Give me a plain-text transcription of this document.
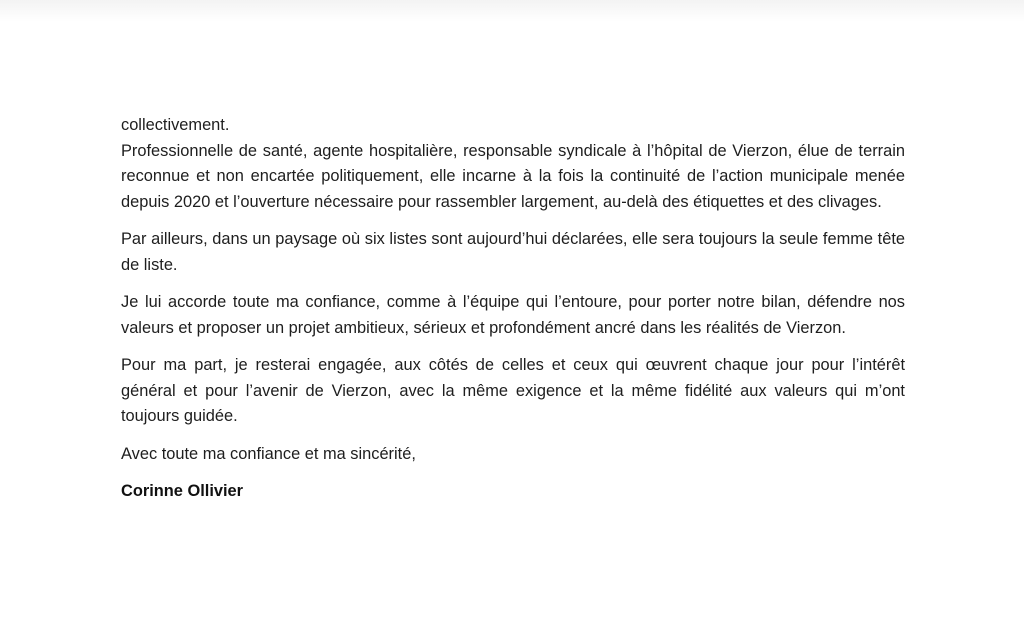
collectivement.

Professionnelle de santé, agente hospitalière, responsable syndicale à l’hôpital de Vierzon, élue de terrain reconnue et non encartée politiquement, elle incarne à la fois la continuité de l’action municipale menée depuis 2020 et l’ouverture nécessaire pour rassembler largement, au-delà des étiquettes et des clivages.

Par ailleurs, dans un paysage où six listes sont aujourd’hui déclarées, elle sera toujours la seule femme tête de liste.

Je lui accorde toute ma confiance, comme à l’équipe qui l’entoure, pour porter notre bilan, défendre nos valeurs et proposer un projet ambitieux, sérieux et profondément ancré dans les réalités de Vierzon.

Pour ma part, je resterai engagée, aux côtés de celles et ceux qui œuvrent chaque jour pour l’intérêt général et pour l’avenir de Vierzon, avec la même exigence et la même fidélité aux valeurs qui m’ont toujours guidée.

Avec toute ma confiance et ma sincérité,

Corinne Ollivier
